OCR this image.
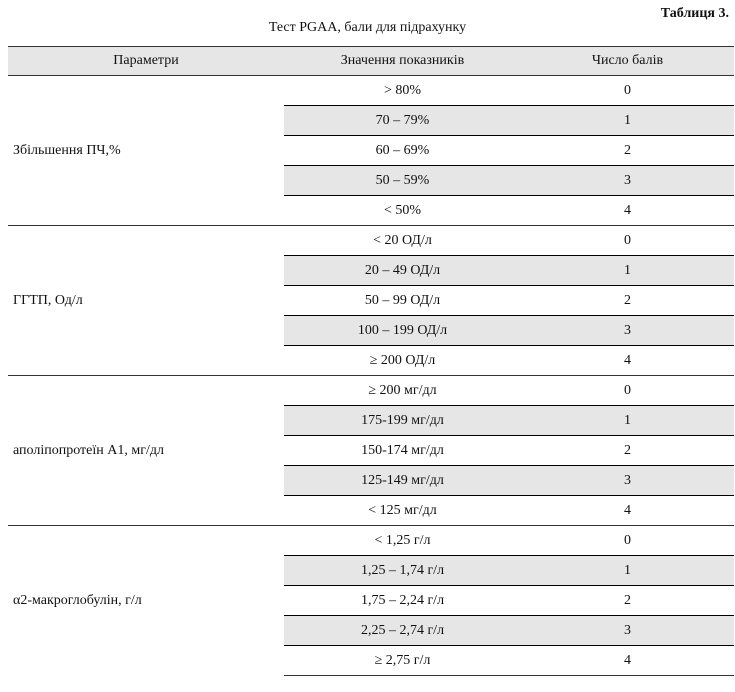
Таблиця 3.
Тест PGAA, бали для підрахунку
Параметри	Значення показників	Число балів
Збільшення ПЧ,%	> 80%	0
	70 – 79%	1
	60 – 69%	2
	50 – 59%	3
	< 50%	4
ГГТП, Од/л	< 20 ОД/л	0
	20 – 49 ОД/л	1
	50 – 99 ОД/л	2
	100 – 199 ОД/л	3
	≥ 200 ОД/л	4
аполіпопротеїн А1, мг/дл	≥ 200 мг/дл	0
	175-199 мг/дл	1
	150-174 мг/дл	2
	125-149 мг/дл	3
	< 125 мг/дл	4
α2-макроглобулін, г/л	< 1,25 г/л	0
	1,25 – 1,74 г/л	1
	1,75 – 2,24 г/л	2
	2,25 – 2,74 г/л	3
	≥ 2,75 г/л	4
